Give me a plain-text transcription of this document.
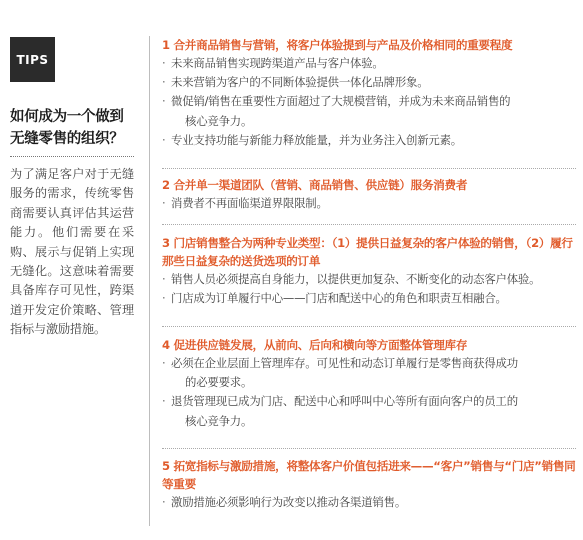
TIPS
如何成为一个做到无缝零售的组织？
为了满足客户对于无缝服务的需求，传统零售商需要认真评估其运营能力。他们需要在采购、展示与促销上实现无缝化。这意味着需要具备库存可见性，跨渠道开发定价策略、管理指标与激励措施。
1 合并商品销售与营销，将客户体验提到与产品及价格相同的重要程度
· 未来商品销售实现跨渠道产品与客户体验。
· 未来营销为客户的不同断体验提供一体化品牌形象。
· 微促销/销售在重要性方面超过了大规模营销，并成为未来商品销售的
核心竞争力。
· 专业支持功能与新能力释放能量，并为业务注入创新元素。
2 合并单一渠道团队（营销、商品销售、供应链）服务消费者
· 消费者不再面临渠道界限限制。
3 门店销售整合为两种专业类型：（1）提供日益复杂的客户体验的销售，（2）履行那些日益复杂的送货选项的订单
· 销售人员必须提高自身能力，以提供更加复杂、不断变化的动态客户体验。
· 门店成为订单履行中心——门店和配送中心的角色和职责互相融合。
4 促进供应链发展，从前向、后向和横向等方面整体管理库存
· 必须在企业层面上管理库存。可见性和动态订单履行是零售商获得成功
的必要要求。
· 退货管理现已成为门店、配送中心和呼叫中心等所有面向客户的员工的
核心竞争力。
5 拓宽指标与激励措施，将整体客户价值包括进来——“客户”销售与“门店”销售同等重要
· 激励措施必须影响行为改变以推动各渠道销售。
